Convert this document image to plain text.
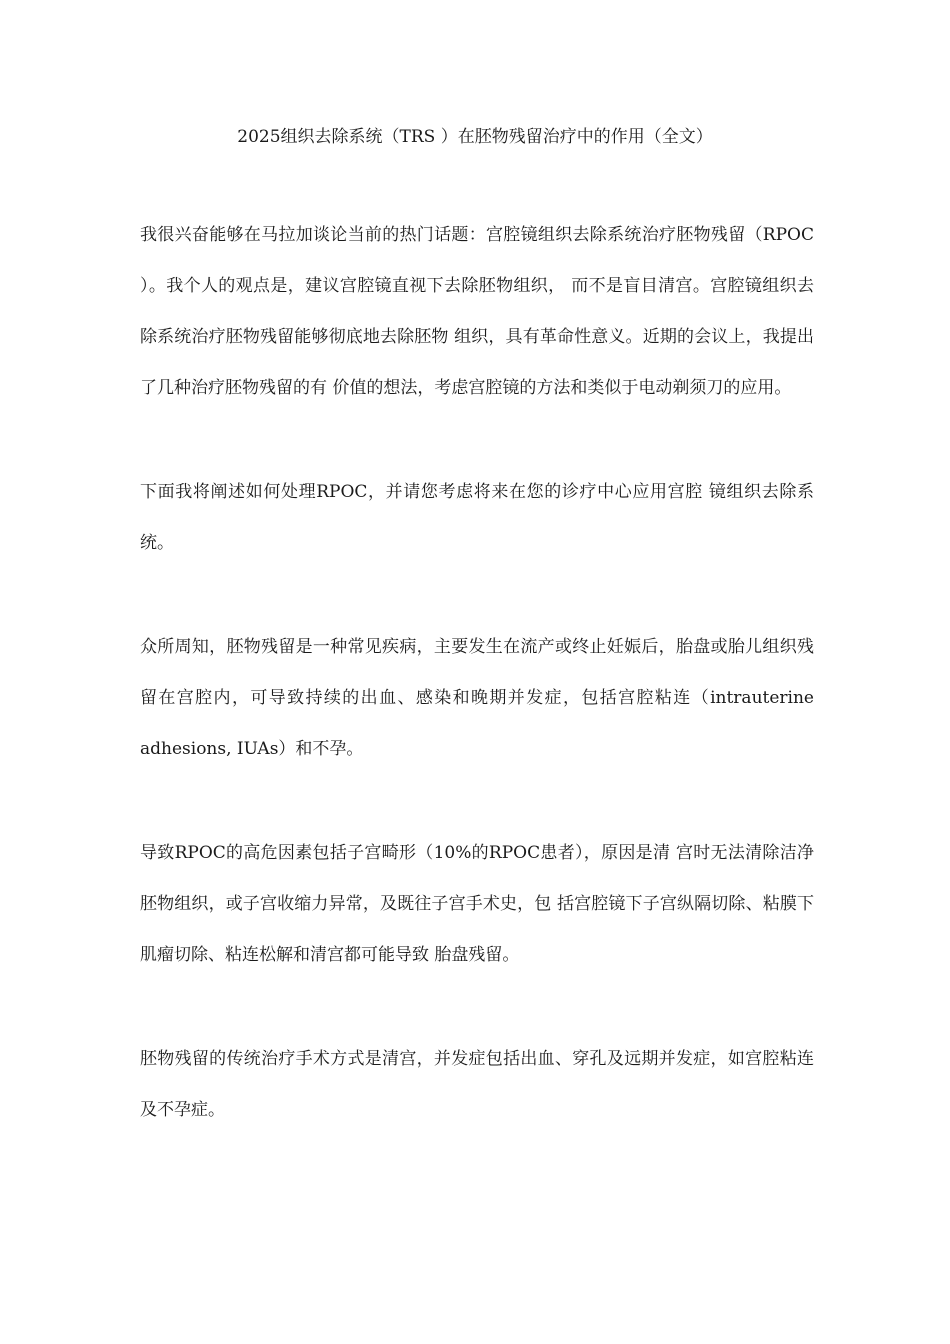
2025组织去除系统（TRS ）在胚物残留治疗中的作用（全文）

我很兴奋能够在马拉加谈论当前的热门话题：宫腔镜组织去除系统治疗胚物残留（RPOC ）。我个人的观点是，建议宫腔镜直视下去除胚物组织， 而不是盲目清宫。宫腔镜组织去除系统治疗胚物残留能够彻底地去除胚物 组织，具有革命性意义。近期的会议上，我提出了几种治疗胚物残留的有 价值的想法，考虑宫腔镜的方法和类似于电动剃须刀的应用。

下面我将阐述如何处理RPOC，并请您考虑将来在您的诊疗中心应用宫腔 镜组织去除系统。

众所周知，胚物残留是一种常见疾病，主要发生在流产或终止妊娠后，胎盘或胎儿组织残留在宫腔内，可导致持续的出血、感染和晚期并发症，包括宫腔粘连（intrauterine adhesions, IUAs）和不孕。

导致RPOC的高危因素包括子宫畸形（10%的RPOC患者），原因是清 宫时无法清除洁净胚物组织，或子宫收缩力异常，及既往子宫手术史，包 括宫腔镜下子宫纵隔切除、粘膜下肌瘤切除、粘连松解和清宫都可能导致 胎盘残留。

胚物残留的传统治疗手术方式是清宫，并发症包括出血、穿孔及远期并发症，如宫腔粘连及不孕症。
